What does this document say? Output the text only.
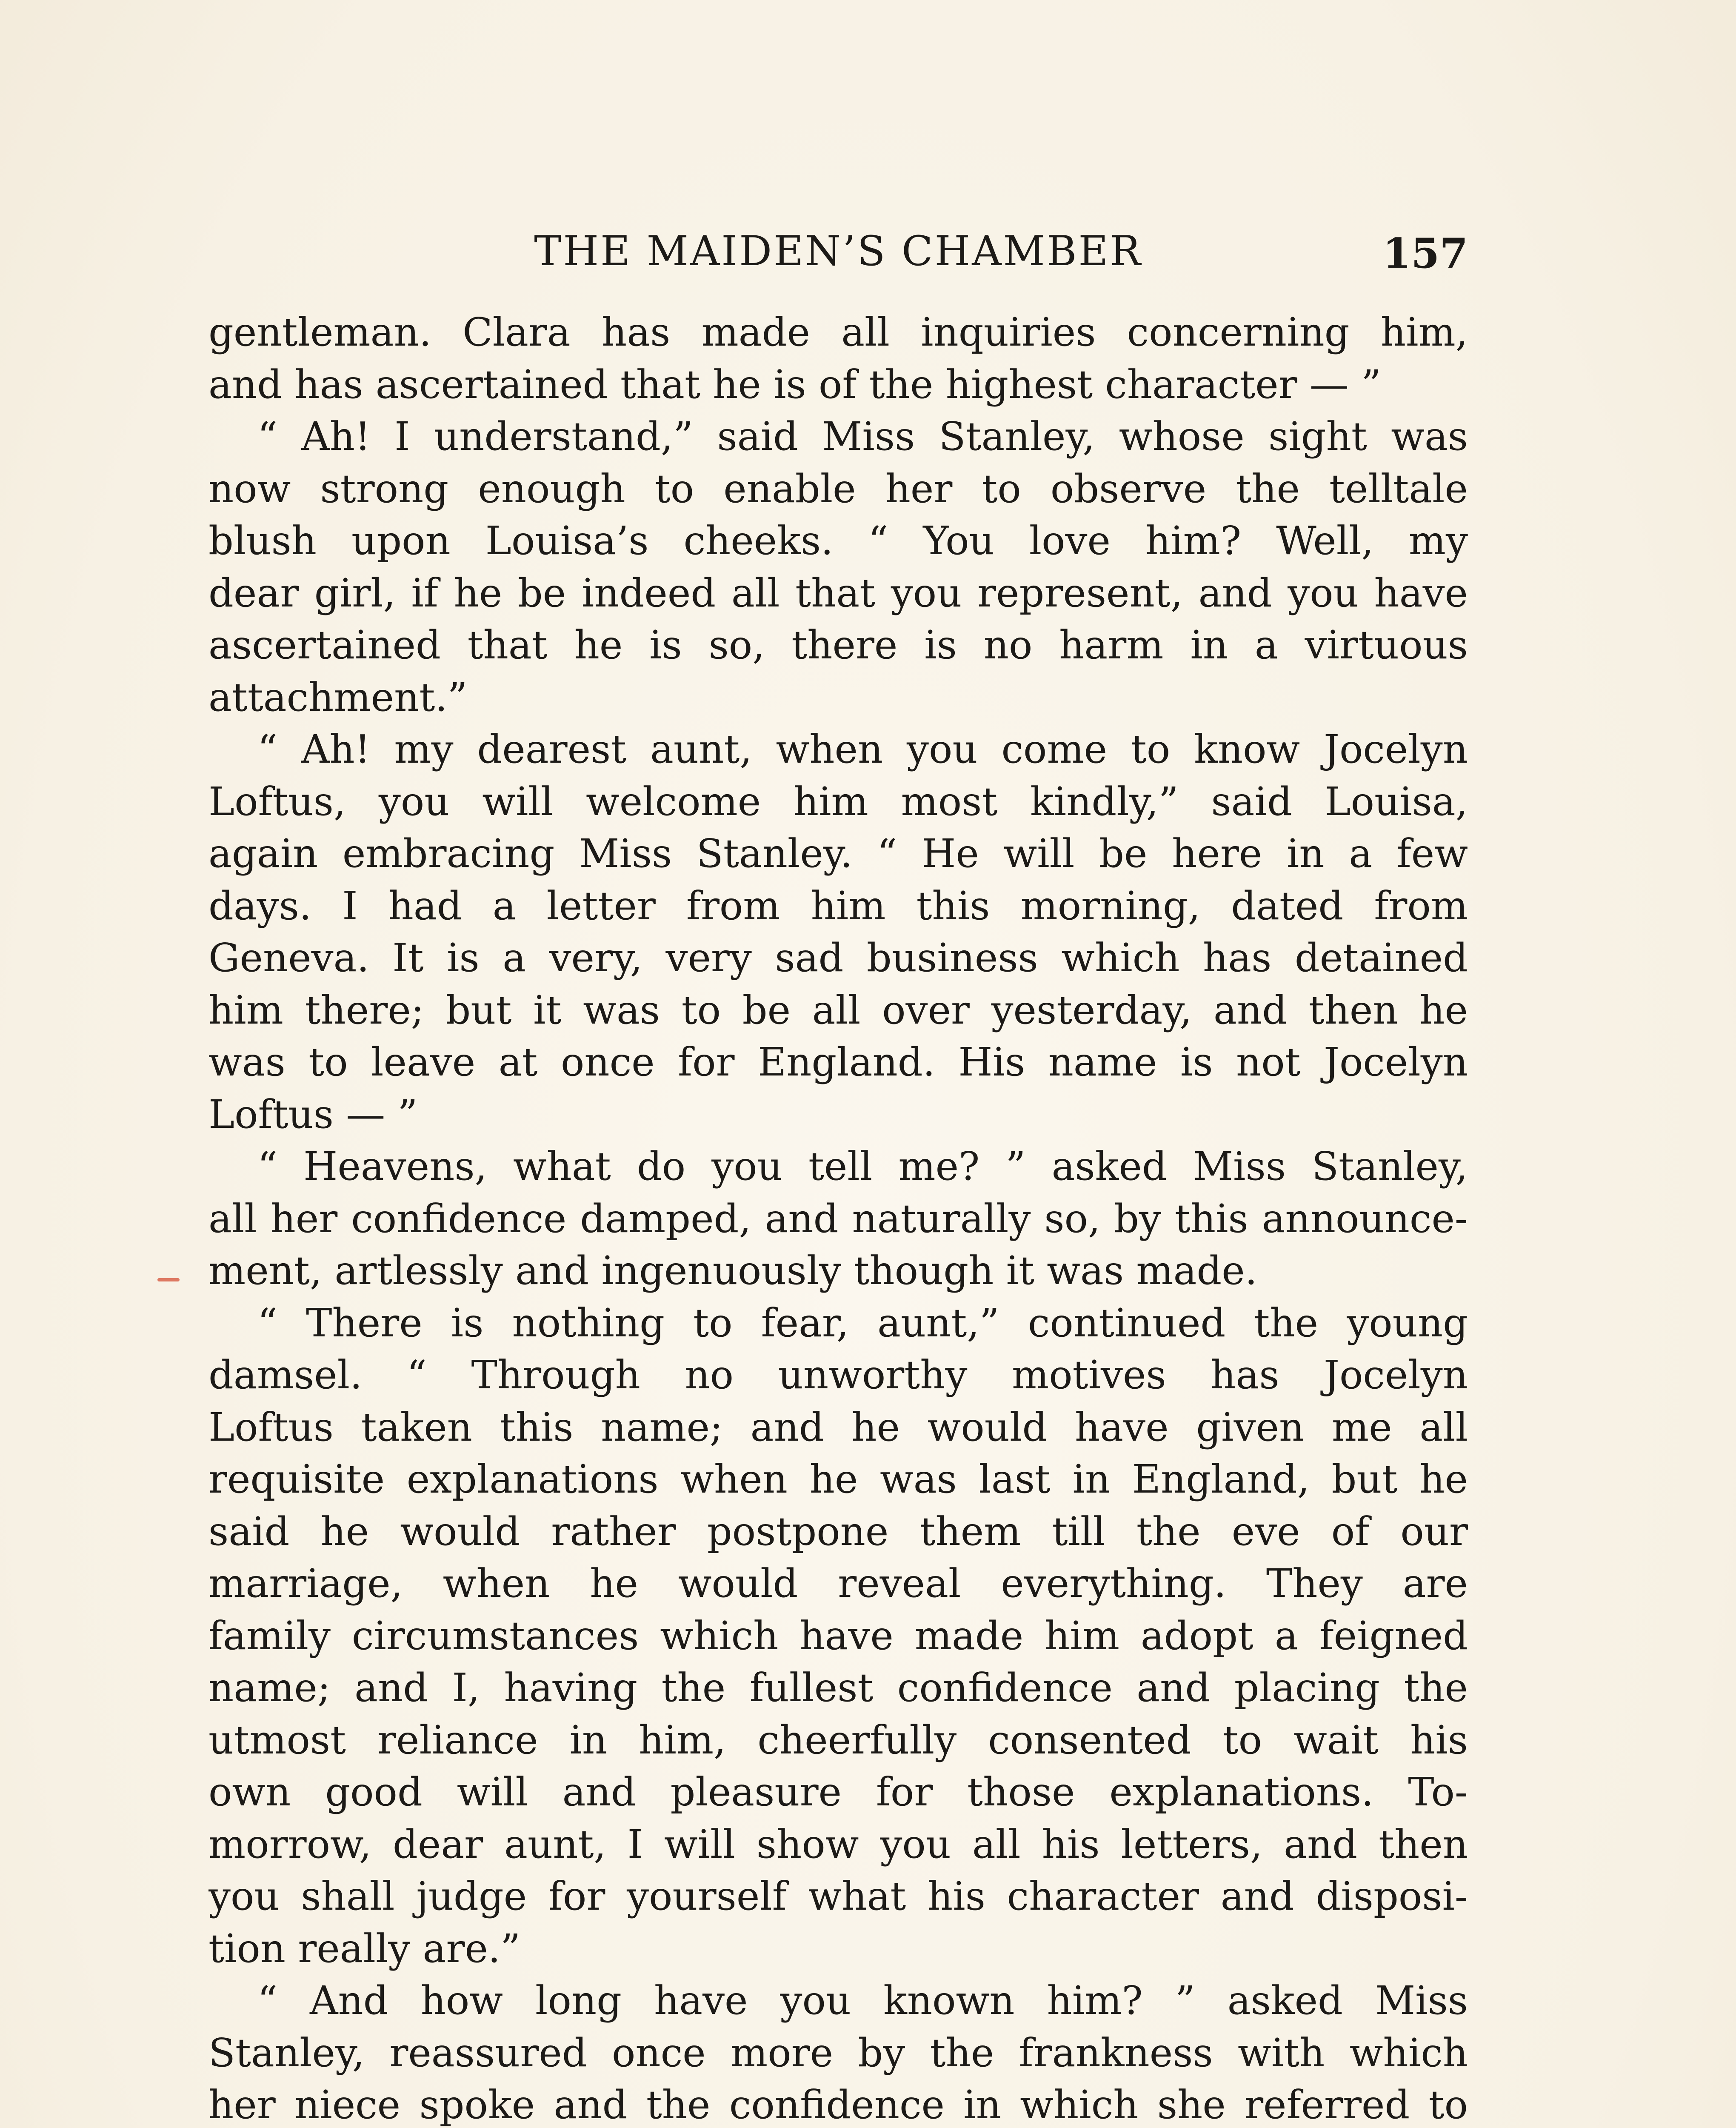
THE MAIDEN’S CHAMBER	157
gentleman. Clara has made all inquiries concerning him,
and has ascertained that he is of the highest character — ”
“ Ah! I understand,” said Miss Stanley, whose sight was
now strong enough to enable her to observe the telltale
blush upon Louisa’s cheeks. “ You love him? Well, my
dear girl, if he be indeed all that you represent, and you have
ascertained that he is so, there is no harm in a virtuous
attachment.”
“ Ah! my dearest aunt, when you come to know Jocelyn
Loftus, you will welcome him most kindly,” said Louisa,
again embracing Miss Stanley. “ He will be here in a few
days. I had a letter from him this morning, dated from
Geneva. It is a very, very sad business which has detained
him there; but it was to be all over yesterday, and then he
was to leave at once for England. His name is not Jocelyn
Loftus — ”
“ Heavens, what do you tell me? ” asked Miss Stanley,
all her confidence damped, and naturally so, by this announce-
ment, artlessly and ingenuously though it was made.
“ There is nothing to fear, aunt,” continued the young
damsel. “ Through no unworthy motives has Jocelyn
Loftus taken this name; and he would have given me all
requisite explanations when he was last in England, but he
said he would rather postpone them till the eve of our
marriage, when he would reveal everything. They are
family circumstances which have made him adopt a feigned
name; and I, having the fullest confidence and placing the
utmost reliance in him, cheerfully consented to wait his
own good will and pleasure for those explanations. To-
morrow, dear aunt, I will show you all his letters, and then
you shall judge for yourself what his character and disposi-
tion really are.”
“ And how long have you known him? ” asked Miss
Stanley, reassured once more by the frankness with which
her niece spoke and the confidence in which she referred to
